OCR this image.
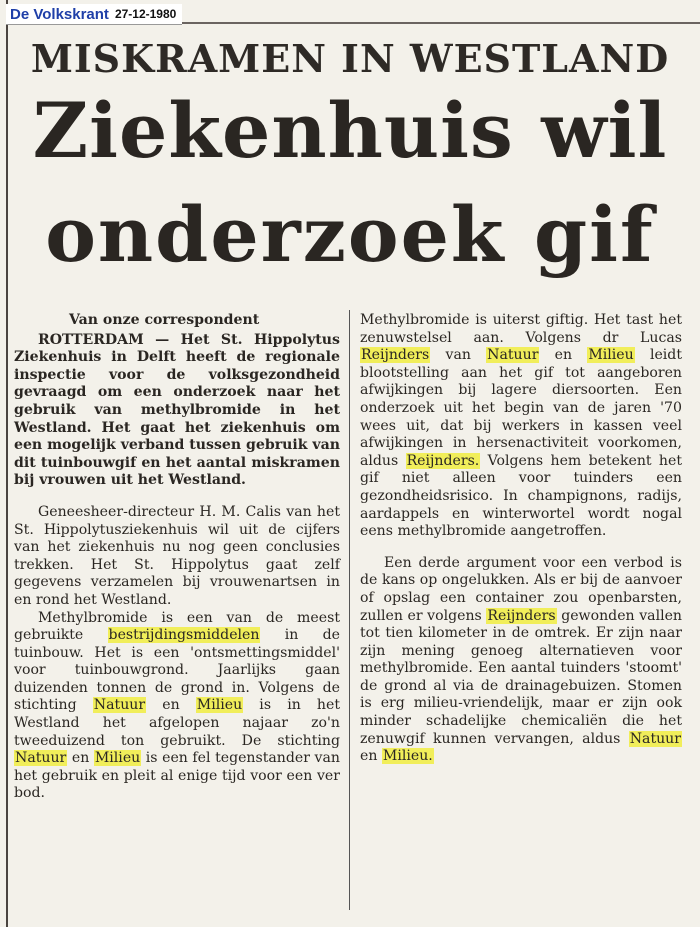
De Volkskrant 27-12-1980
MISKRAMEN IN WESTLAND
Ziekenhuis wil
onderzoek gif

Van onze correspondent

ROTTERDAM — Het St. Hippolytus Ziekenhuis in Delft heeft de regionale inspectie voor de volksgezondheid gevraagd om een onderzoek naar het gebruik van methylbromide in het Westland. Het gaat het ziekenhuis om een mogelijk verband tussen gebruik van dit tuinbouwgif en het aantal miskramen bij vrouwen uit het Westland.

Geneesheer-directeur H. M. Calis van het St. Hippolytusziekenhuis wil uit de cijfers van het ziekenhuis nu nog geen conclusies trekken. Het St. Hippolytus gaat zelf gegevens verzamelen bij vrouwenartsen in en rond het Westland.

Methylbromide is een van de meest gebruikte bestrijdingsmiddelen in de tuinbouw. Het is een 'ontsmettingsmiddel' voor tuinbouwgrond. Jaarlijks gaan duizenden tonnen de grond in. Volgens de stichting Natuur en Milieu is in het Westland het afgelopen najaar zo'n tweeduizend ton gebruikt. De stichting Natuur en Milieu is een fel tegenstander van het gebruik en pleit al enige tijd voor een ver bod.

Methylbromide is uiterst giftig. Het tast het zenuwstelsel aan. Volgens dr Lucas Reijnders van Natuur en Milieu leidt blootstelling aan het gif tot aangeboren afwijkingen bij lagere diersoorten. Een onderzoek uit het begin van de jaren '70 wees uit, dat bij werkers in kassen veel afwijkingen in hersenactiviteit voorkomen, aldus Reijnders. Volgens hem betekent het gif niet alleen voor tuinders een gezondheidsrisico. In champignons, radijs, aardappels en winterwortel wordt nogal eens methylbromide aangetroffen.

Een derde argument voor een verbod is de kans op ongelukken. Als er bij de aanvoer of opslag een container zou openbarsten, zullen er volgens Reijnders gewonden vallen tot tien kilometer in de omtrek. Er zijn naar zijn mening genoeg alternatieven voor methylbromide. Een aantal tuinders 'stoomt' de grond al via de drainagebuizen. Stomen is erg milieu-vriendelijk, maar er zijn ook minder schadelijke chemicaliën die het zenuwgif kunnen vervangen, aldus Natuur en Milieu.
